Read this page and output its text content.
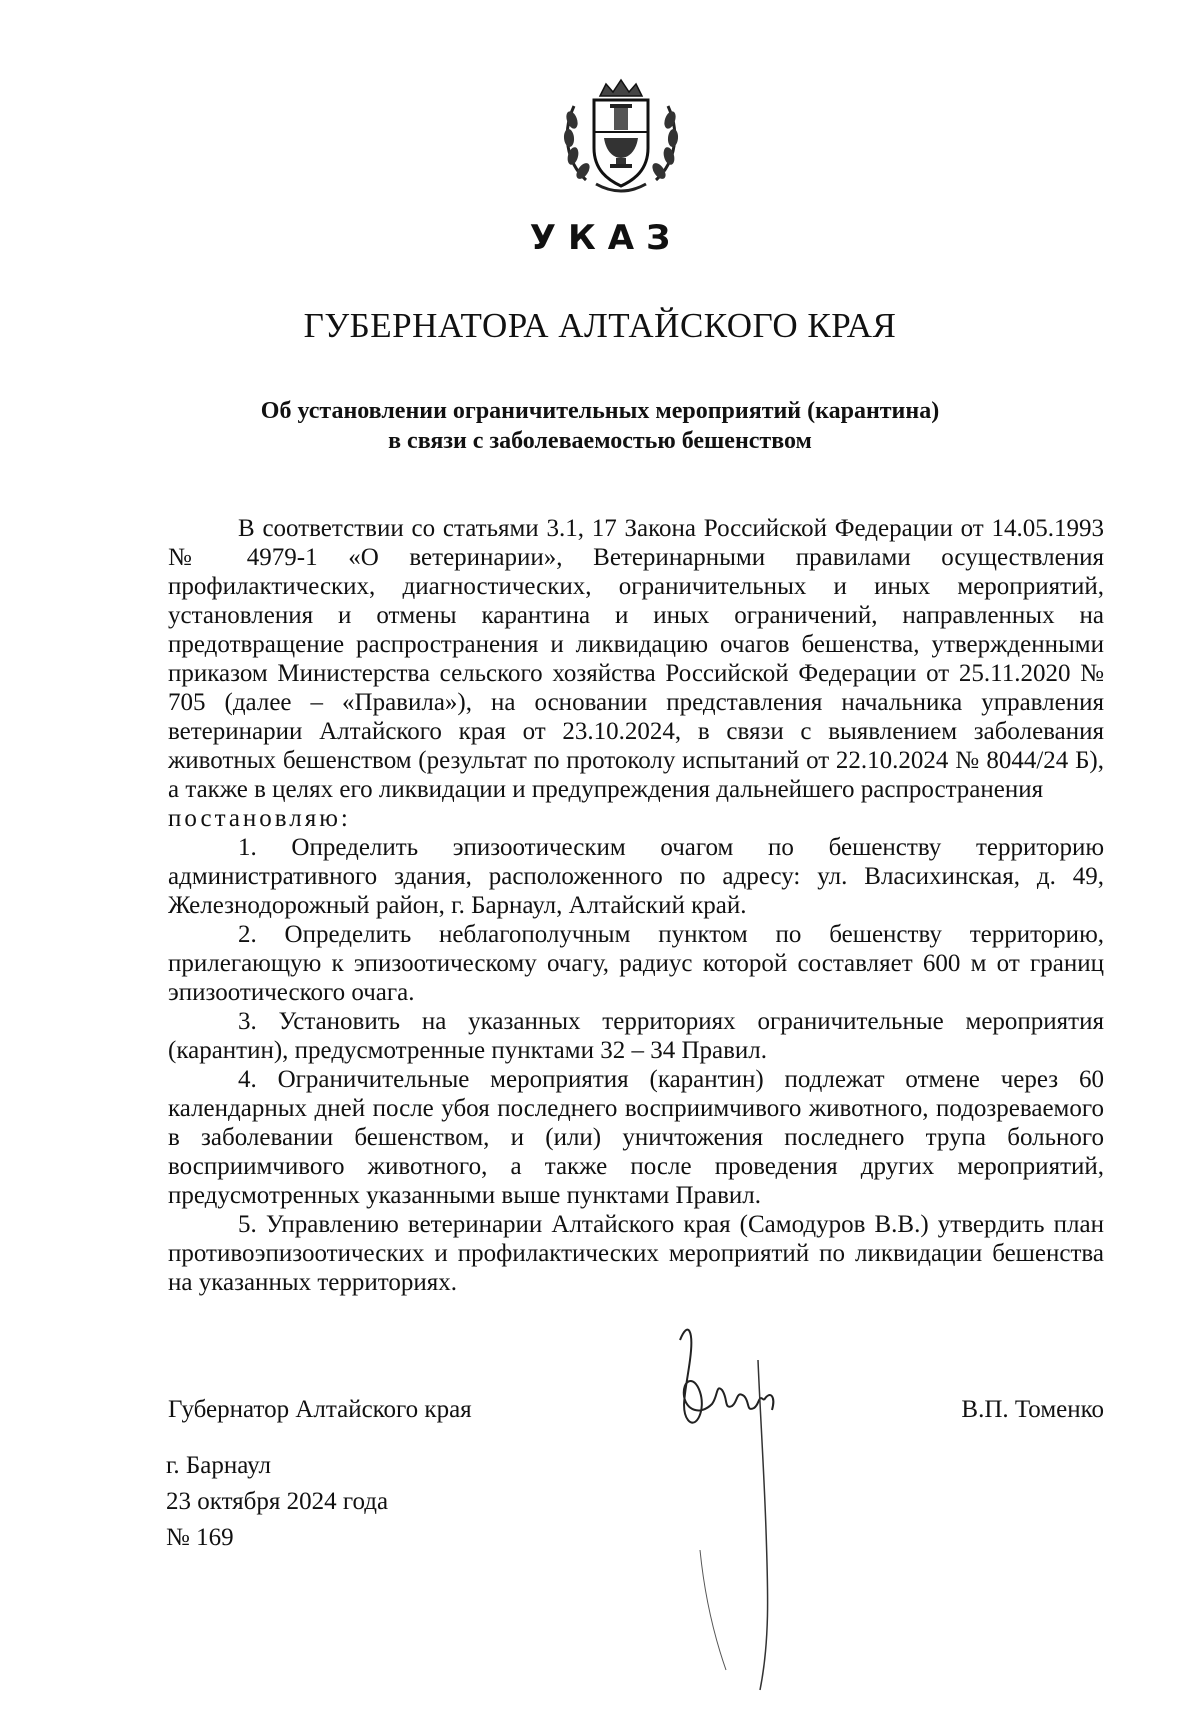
УКАЗ
ГУБЕРНАТОРА АЛТАЙСКОГО КРАЯ
Об установлении ограничительных мероприятий (карантина)
в связи с заболеваемостью бешенством

В соответствии со статьями 3.1, 17 Закона Российской Федерации от 14.05.1993 № 4979-1 «О ветеринарии», Ветеринарными правилами осуществления профилактических, диагностических, ограничительных и иных мероприятий, установления и отмены карантина и иных ограничений, направленных на предотвращение распространения и ликвидацию очагов бешенства, утвержденными приказом Министерства сельского хозяйства Российской Федерации от 25.11.2020 № 705 (далее – «Правила»), на основании представления начальника управления ветеринарии Алтайского края от 23.10.2024, в связи с выявлением заболевания животных бешенством (результат по протоколу испытаний от 22.10.2024 № 8044/24 Б), а также в целях его ликвидации и предупреждения дальнейшего распространения

постановляю:

1. Определить эпизоотическим очагом по бешенству территорию административного здания, расположенного по адресу: ул. Власихинская, д. 49, Железнодорожный район, г. Барнаул, Алтайский край.

2. Определить неблагополучным пунктом по бешенству территорию, прилегающую к эпизоотическому очагу, радиус которой составляет 600 м от границ эпизоотического очага.

3. Установить на указанных территориях ограничительные мероприятия (карантин), предусмотренные пунктами 32 – 34 Правил.

4. Ограничительные мероприятия (карантин) подлежат отмене через 60 календарных дней после убоя последнего восприимчивого животного, подозреваемого в заболевании бешенством, и (или) уничтожения последнего трупа больного восприимчивого животного, а также после проведения других мероприятий, предусмотренных указанными выше пунктами Правил.

5. Управлению ветеринарии Алтайского края (Самодуров В.В.) утвердить план противоэпизоотических и профилактических мероприятий по ликвидации бешенства на указанных территориях.

Губернатор Алтайского края	В.П. Томенко
г. Барнаул
23 октября 2024 года
№ 169
